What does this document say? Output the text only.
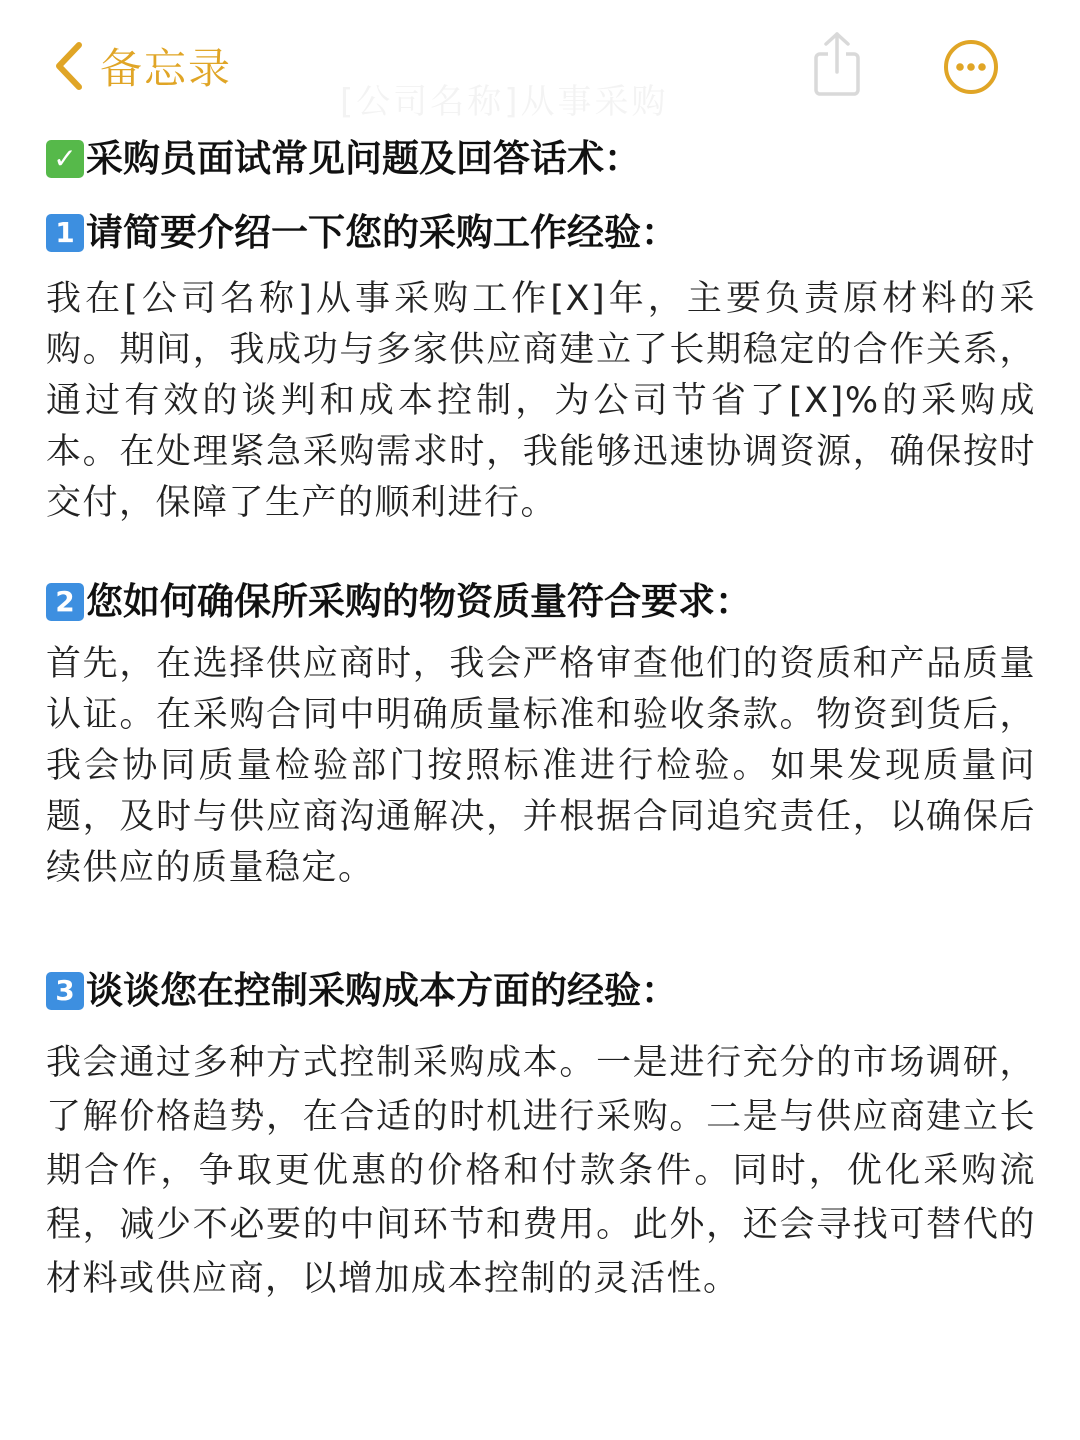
备忘录
[公司名称]从事采购
✓ 采购员面试常见问题及回答话术：
1 请简要介绍一下您的采购工作经验：

我在[公司名称]从事采购工作[X]年，主要负责原材料的采购。期间，我成功与多家供应商建立了长期稳定的合作关系，通过有效的谈判和成本控制，为公司节省了[X]%的采购成本。在处理紧急采购需求时，我能够迅速协调资源，确保按时交付，保障了生产的顺利进行。

2 您如何确保所采购的物资质量符合要求：

首先，在选择供应商时，我会严格审查他们的资质和产品质量认证。在采购合同中明确质量标准和验收条款。物资到货后，我会协同质量检验部门按照标准进行检验。如果发现质量问题，及时与供应商沟通解决，并根据合同追究责任，以确保后续供应的质量稳定。

3 谈谈您在控制采购成本方面的经验：

我会通过多种方式控制采购成本。一是进行充分的市场调研，了解价格趋势，在合适的时机进行采购。二是与供应商建立长期合作，争取更优惠的价格和付款条件。同时，优化采购流程，减少不必要的中间环节和费用。此外，还会寻找可替代的材料或供应商，以增加成本控制的灵活性。
